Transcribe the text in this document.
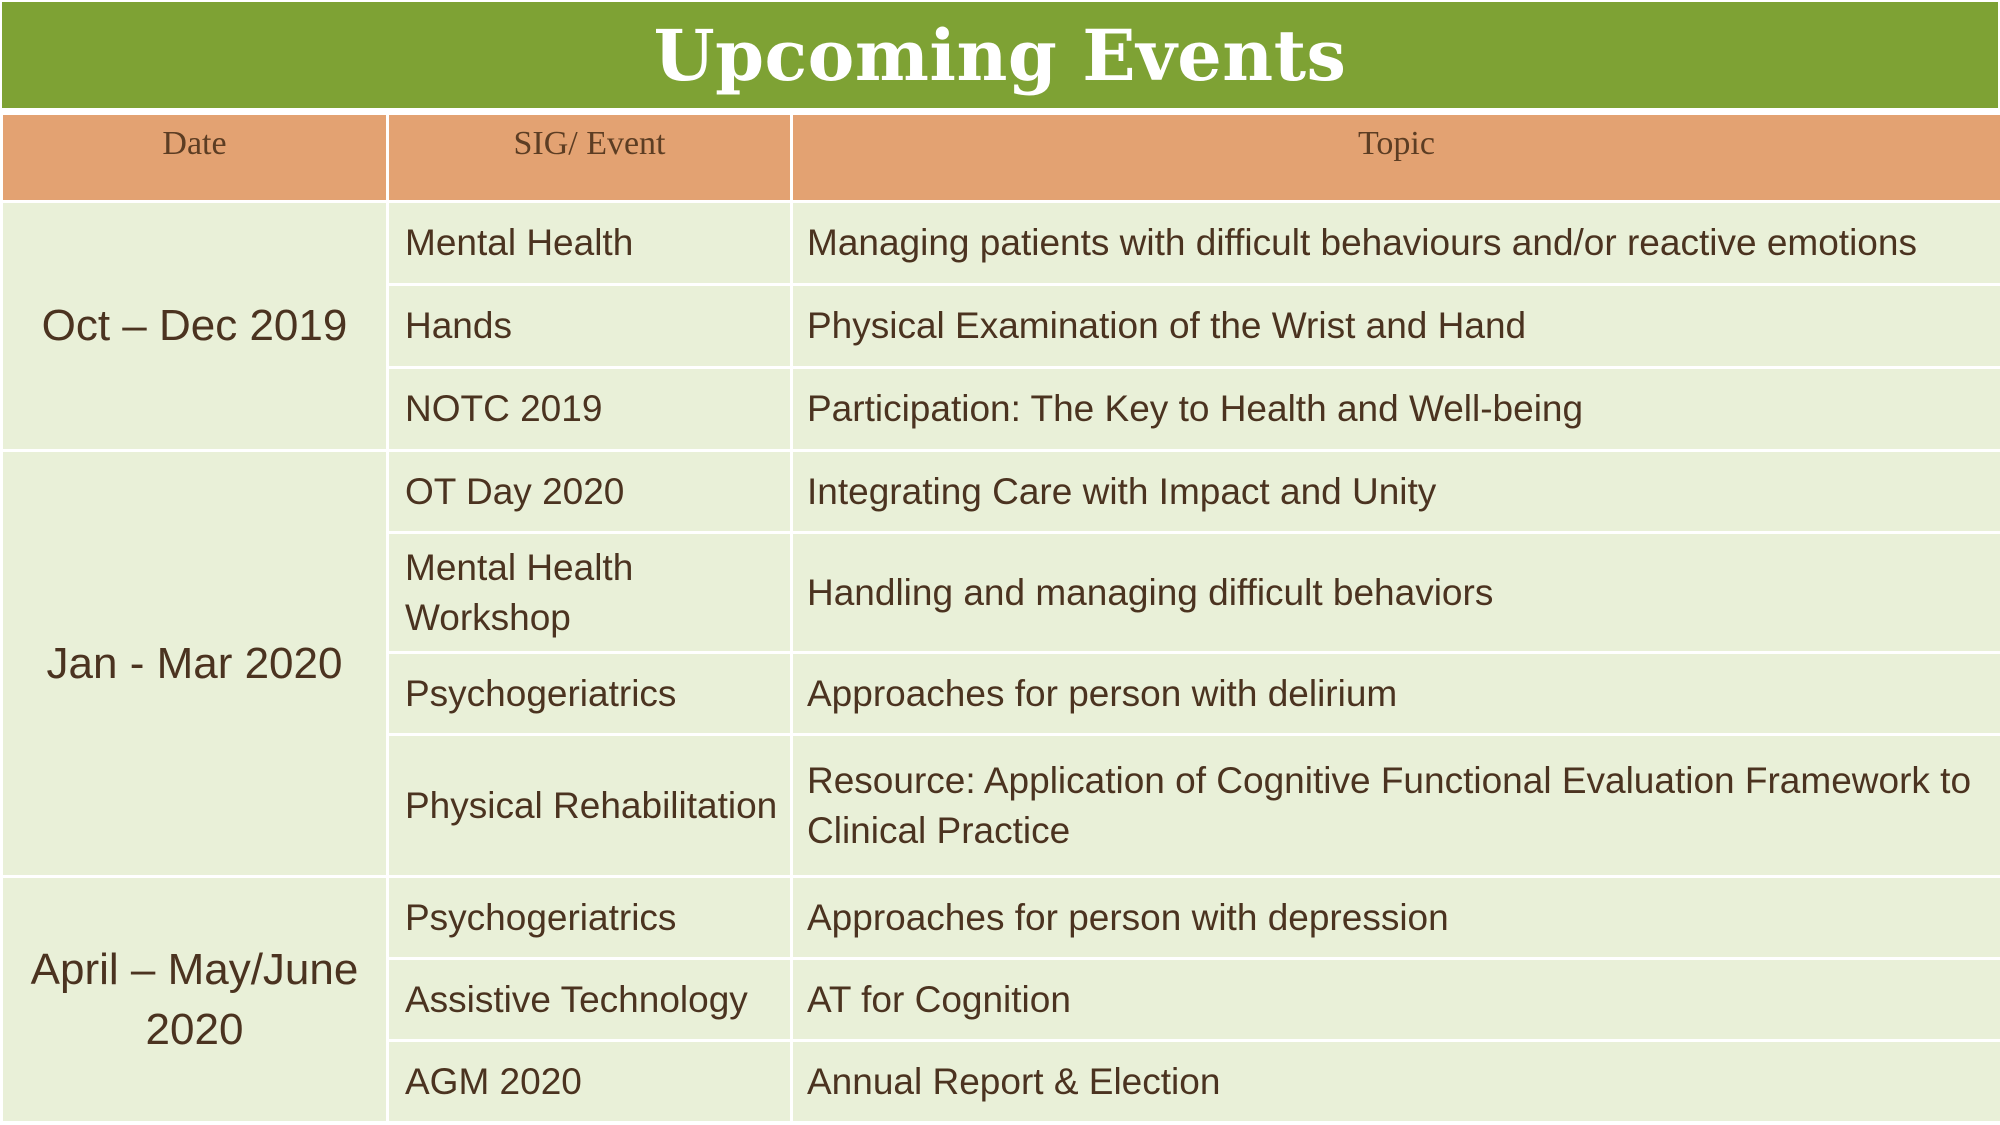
Upcoming Events
Date	SIG/ Event	Topic
Oct – Dec 2019	Mental Health	Managing patients with difficult behaviours and/or reactive emotions
	Hands	Physical Examination of the Wrist and Hand
	NOTC 2019	Participation: The Key to Health and Well-being
Jan - Mar 2020	OT Day 2020	Integrating Care with Impact and Unity
	Mental Health Workshop	Handling and managing difficult behaviors
	Psychogeriatrics	Approaches for person with delirium
	Physical Rehabilitation	Resource: Application of Cognitive Functional Evaluation Framework to Clinical Practice
April – May/June 2020	Psychogeriatrics	Approaches for person with depression
	Assistive Technology	AT for Cognition
	AGM 2020	Annual Report & Election
